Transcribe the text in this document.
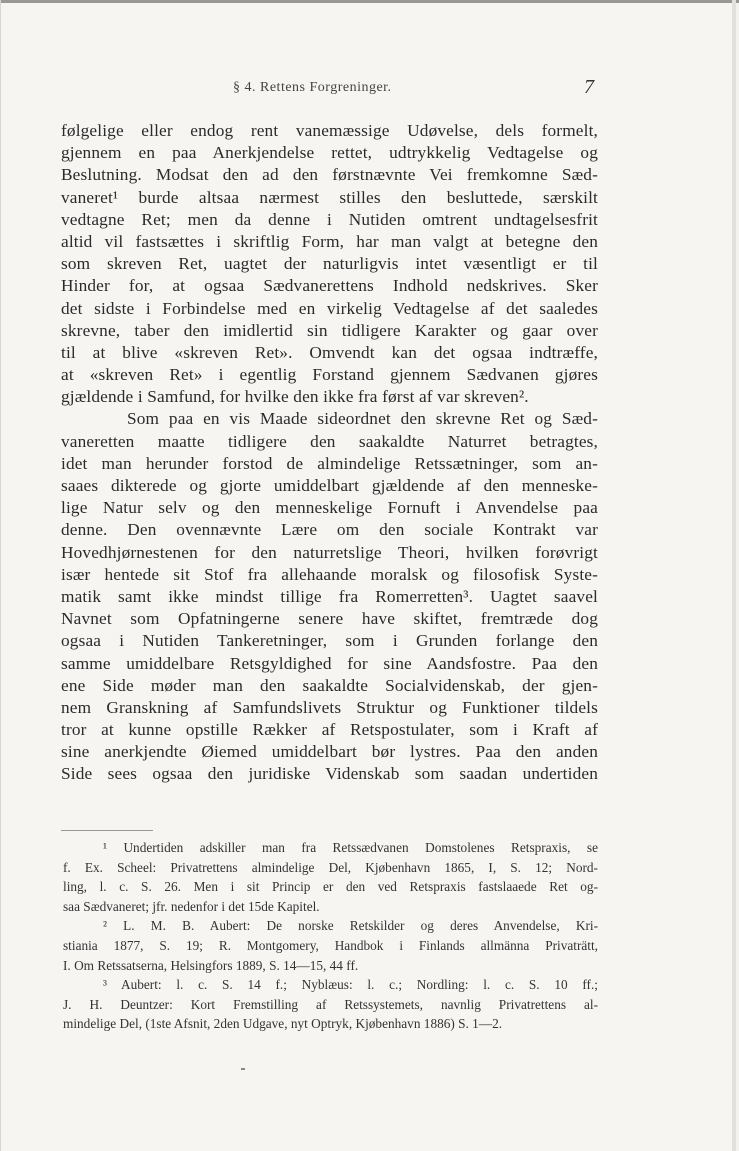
§ 4. Rettens Forgreninger.	7
følgelige eller endog rent vanemæssige Udøvelse, dels formelt,
gjennem en paa Anerkjendelse rettet, udtrykkelig Vedtagelse og
Beslutning. Modsat den ad den førstnævnte Vei fremkomne Sæd-
vaneret¹ burde altsaa nærmest stilles den besluttede, særskilt
vedtagne Ret; men da denne i Nutiden omtrent undtagelsesfrit
altid vil fastsættes i skriftlig Form, har man valgt at betegne den
som skreven Ret, uagtet der naturligvis intet væsentligt er til
Hinder for, at ogsaa Sædvanerettens Indhold nedskrives. Sker
det sidste i Forbindelse med en virkelig Vedtagelse af det saaledes
skrevne, taber den imidlertid sin tidligere Karakter og gaar over
til at blive «skreven Ret». Omvendt kan det ogsaa indtræffe,
at «skreven Ret» i egentlig Forstand gjennem Sædvanen gjøres
gjældende i Samfund, for hvilke den ikke fra først af var skreven².
Som paa en vis Maade sideordnet den skrevne Ret og Sæd-
vaneretten maatte tidligere den saakaldte Naturret betragtes,
idet man herunder forstod de almindelige Retssætninger, som an-
saaes dikterede og gjorte umiddelbart gjældende af den menneske-
lige Natur selv og den menneskelige Fornuft i Anvendelse paa
denne. Den ovennævnte Lære om den sociale Kontrakt var
Hovedhjørnestenen for den naturretslige Theori, hvilken forøvrigt
især hentede sit Stof fra allehaande moralsk og filosofisk Syste-
matik samt ikke mindst tillige fra Romerretten³. Uagtet saavel
Navnet som Opfatningerne senere have skiftet, fremtræde dog
ogsaa i Nutiden Tankeretninger, som i Grunden forlange den
samme umiddelbare Retsgyldighed for sine Aandsfostre. Paa den
ene Side møder man den saakaldte Socialvidenskab, der gjen-
nem Granskning af Samfundslivets Struktur og Funktioner tildels
tror at kunne opstille Rækker af Retspostulater, som i Kraft af
sine anerkjendte Øiemed umiddelbart bør lystres. Paa den anden
Side sees ogsaa den juridiske Videnskab som saadan undertiden
¹ Undertiden adskiller man fra Retssædvanen Domstolenes Retspraxis, se
f. Ex. Scheel: Privatrettens almindelige Del, Kjøbenhavn 1865, I, S. 12; Nord-
ling, l. c. S. 26. Men i sit Princip er den ved Retspraxis fastslaaede Ret og-
saa Sædvaneret; jfr. nedenfor i det 15de Kapitel.
² L. M. B. Aubert: De norske Retskilder og deres Anvendelse, Kri-
stiania 1877, S. 19; R. Montgomery, Handbok i Finlands allmänna Privaträtt,
I. Om Retssatserna, Helsingfors 1889, S. 14—15, 44 ff.
³ Aubert: l. c. S. 14 f.; Nyblæus: l. c.; Nordling: l. c. S. 10 ff.;
J. H. Deuntzer: Kort Fremstilling af Retssystemets, navnlig Privatrettens al-
mindelige Del, (1ste Afsnit, 2den Udgave, nyt Optryk, Kjøbenhavn 1886) S. 1—2.
